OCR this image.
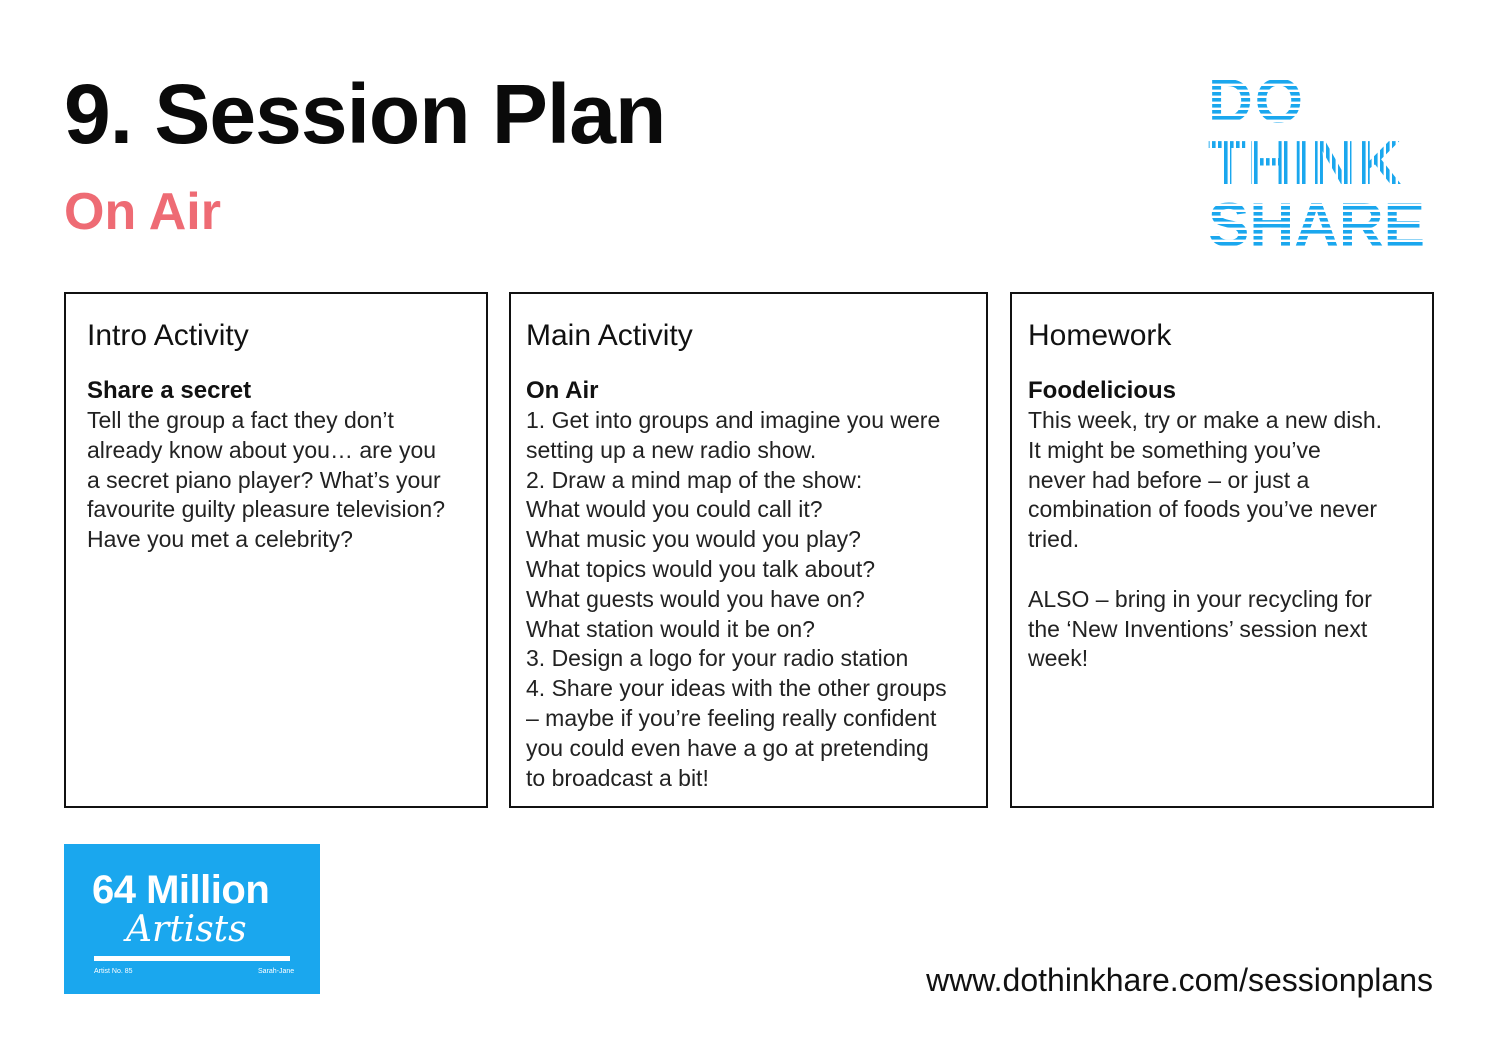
9. Session Plan
On Air
DO
THINK
SHARE
Intro Activity
Share a secret

Tell the group a fact they don’t

already know about you… are you

a secret piano player? What’s your

favourite guilty pleasure television?

Have you met a celebrity?

Main Activity
On Air

1. Get into groups and imagine you were

setting up a new radio show.

2. Draw a mind map of the show:

What would you could call it?

What music you would you play?

What topics would you talk about?

What guests would you have on?

What station would it be on?

3. Design a logo for your radio station

4. Share your ideas with the other groups

– maybe if you’re feeling really confident

you could even have a go at pretending

to broadcast a bit!

Homework
Foodelicious

This week, try or make a new dish.

It might be something you’ve

never had before – or just a

combination of foods you’ve never

tried.

ALSO – bring in your recycling for

the ‘New Inventions’ session next

week!

64 Million
Artists
Artist No. 85	Sarah-Jane	www.dothinkhare.com/sessionplans
